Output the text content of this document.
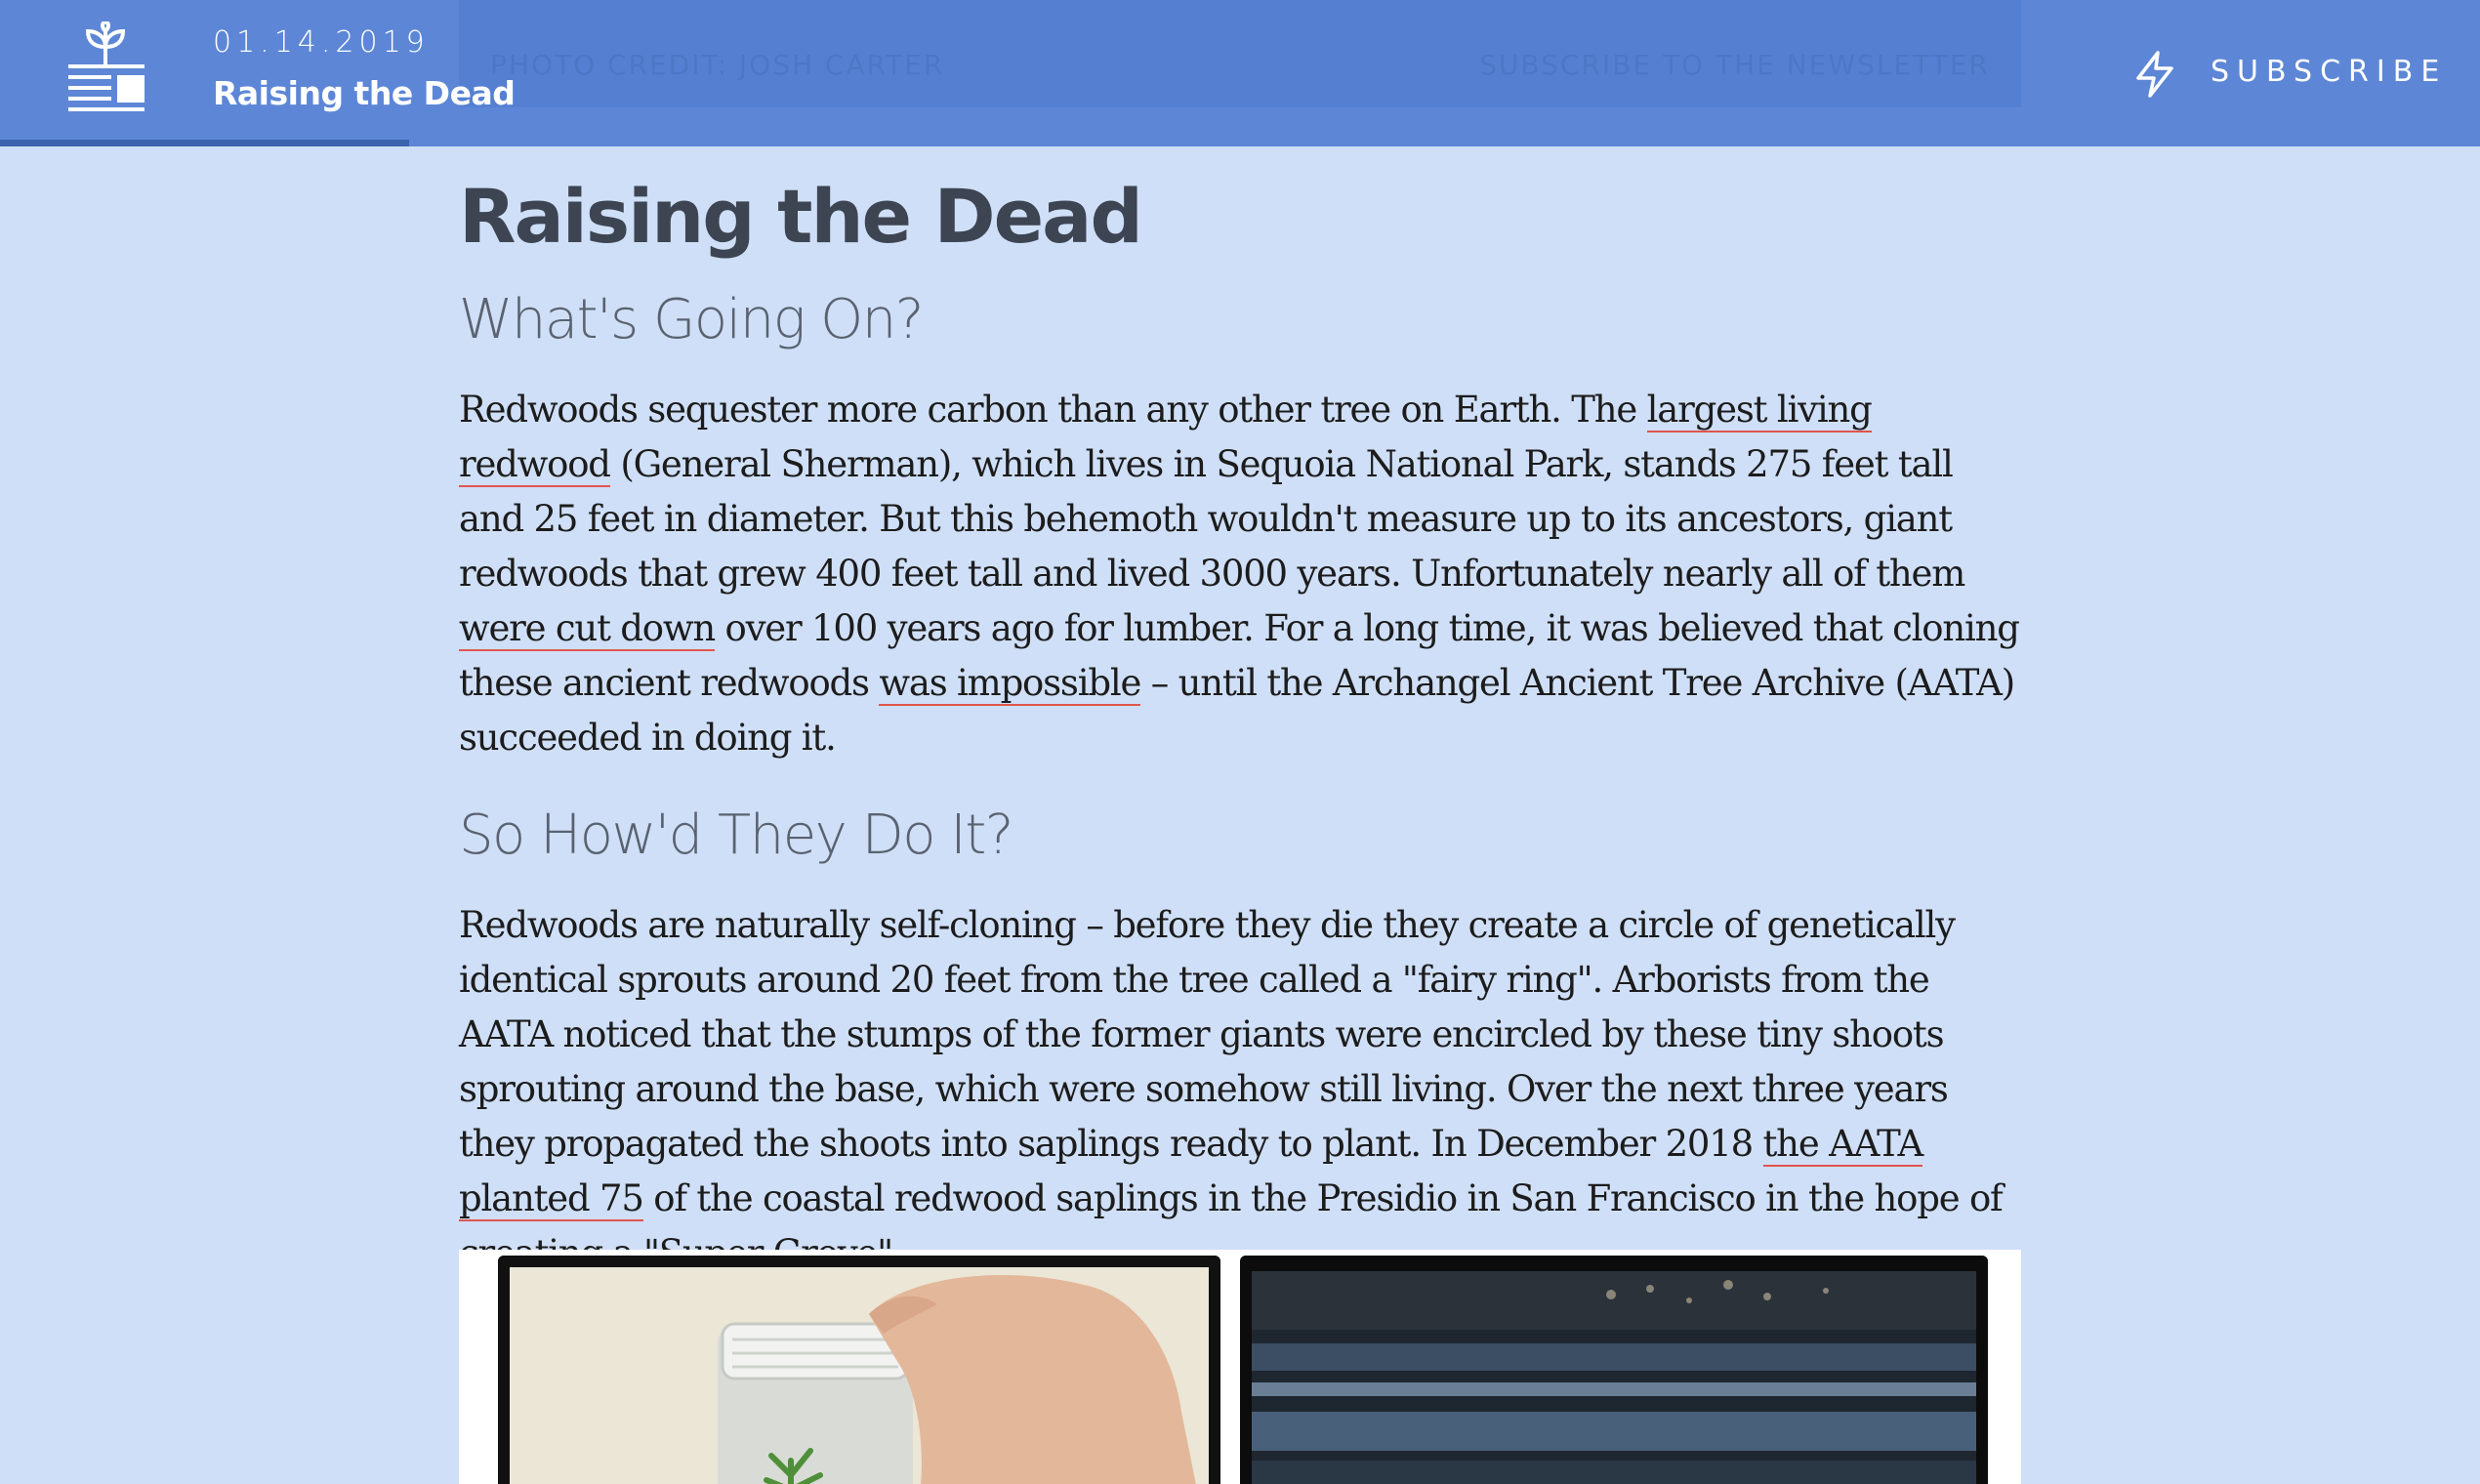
PHOTO CREDIT: JOSH CARTER	SUBSCRIBE TO THE NEWSLETTER
01.14.2019
Raising the Dead
SUBSCRIBE
Raising the Dead
What's Going On?

Redwoods sequester more carbon than any other tree on Earth. The largest living redwood (General Sherman), which lives in Sequoia National Park, stands 275 feet tall and 25 feet in diameter. But this behemoth wouldn't measure up to its ancestors, giant redwoods that grew 400 feet tall and lived 3000 years. Unfortunately nearly all of them were cut down over 100 years ago for lumber. For a long time, it was believed that cloning these ancient redwoods was impossible – until the Archangel Ancient Tree Archive (AATA) succeeded in doing it.

So How'd They Do It?

Redwoods are naturally self-cloning – before they die they create a circle of genetically identical sprouts around 20 feet from the tree called a "fairy ring". Arborists from the AATA noticed that the stumps of the former giants were encircled by these tiny shoots sprouting around the base, which were somehow still living. Over the next three years they propagated the shoots into saplings ready to plant. In December 2018 the AATA planted 75 of the coastal redwood saplings in the Presidio in San Francisco in the hope of
